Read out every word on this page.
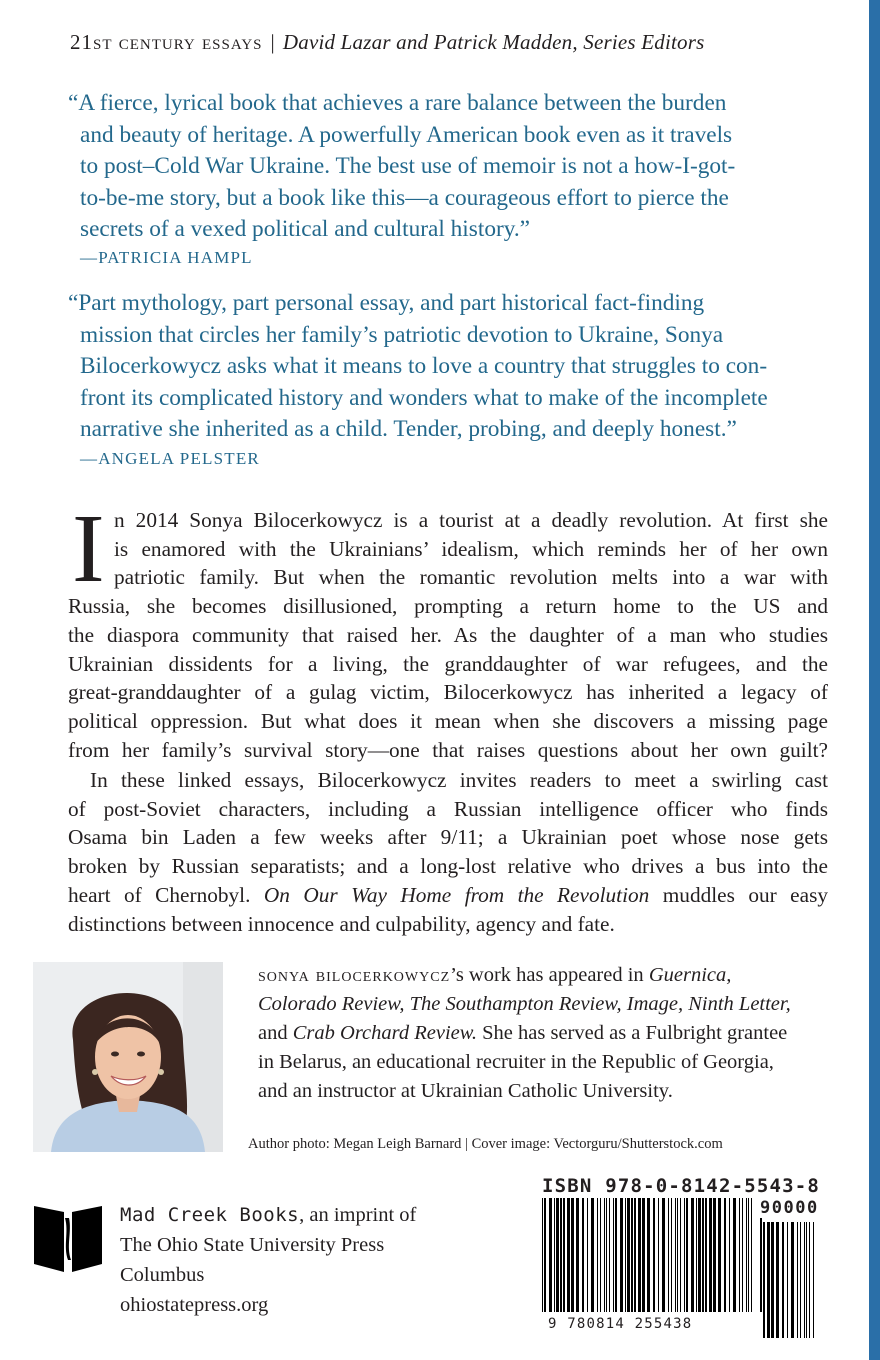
21st century essays | David Lazar and Patrick Madden, Series Editors
“A fierce, lyrical book that achieves a rare balance between the burden
and beauty of heritage. A powerfully American book even as it travels
to post–Cold War Ukraine. The best use of memoir is not a how-I-got-
to-be-me story, but a book like this—a courageous effort to pierce the
secrets of a vexed political and cultural history.”
—PATRICIA HAMPL
“Part mythology, part personal essay, and part historical fact-finding
mission that circles her family’s patriotic devotion to Ukraine, Sonya
Bilocerkowycz asks what it means to love a country that struggles to con-
front its complicated history and wonders what to make of the incomplete
narrative she inherited as a child. Tender, probing, and deeply honest.”
—ANGELA PELSTER
I n 2014 Sonya Bilocerkowycz is a tourist at a deadly revolution. At first she
is enamored with the Ukrainians’ idealism, which reminds her of her own
patriotic family. But when the romantic revolution melts into a war with
Russia, she becomes disillusioned, prompting a return home to the US and
the diaspora community that raised her. As the daughter of a man who studies
Ukrainian dissidents for a living, the granddaughter of war refugees, and the
great-granddaughter of a gulag victim, Bilocerkowycz has inherited a legacy of
political oppression. But what does it mean when she discovers a missing page
from her family’s survival story—one that raises questions about her own guilt?
In these linked essays, Bilocerkowycz invites readers to meet a swirling cast
of post-Soviet characters, including a Russian intelligence officer who finds
Osama bin Laden a few weeks after 9/11; a Ukrainian poet whose nose gets
broken by Russian separatists; and a long-lost relative who drives a bus into the
heart of Chernobyl. On Our Way Home from the Revolution muddles our easy
distinctions between innocence and culpability, agency and fate.
sonya bilocerkowycz’s work has appeared in Guernica,
Colorado Review, The Southampton Review, Image, Ninth Letter,
and Crab Orchard Review. She has served as a Fulbright grantee
in Belarus, an educational recruiter in the Republic of Georgia,
and an instructor at Ukrainian Catholic University.
Author photo: Megan Leigh Barnard | Cover image: Vectorguru/Shutterstock.com
Mad Creek Books, an imprint of
The Ohio State University Press
Columbus
ohiostatepress.org
ISBN 978-0-8142-5543-8
90000
9 780814 255438
